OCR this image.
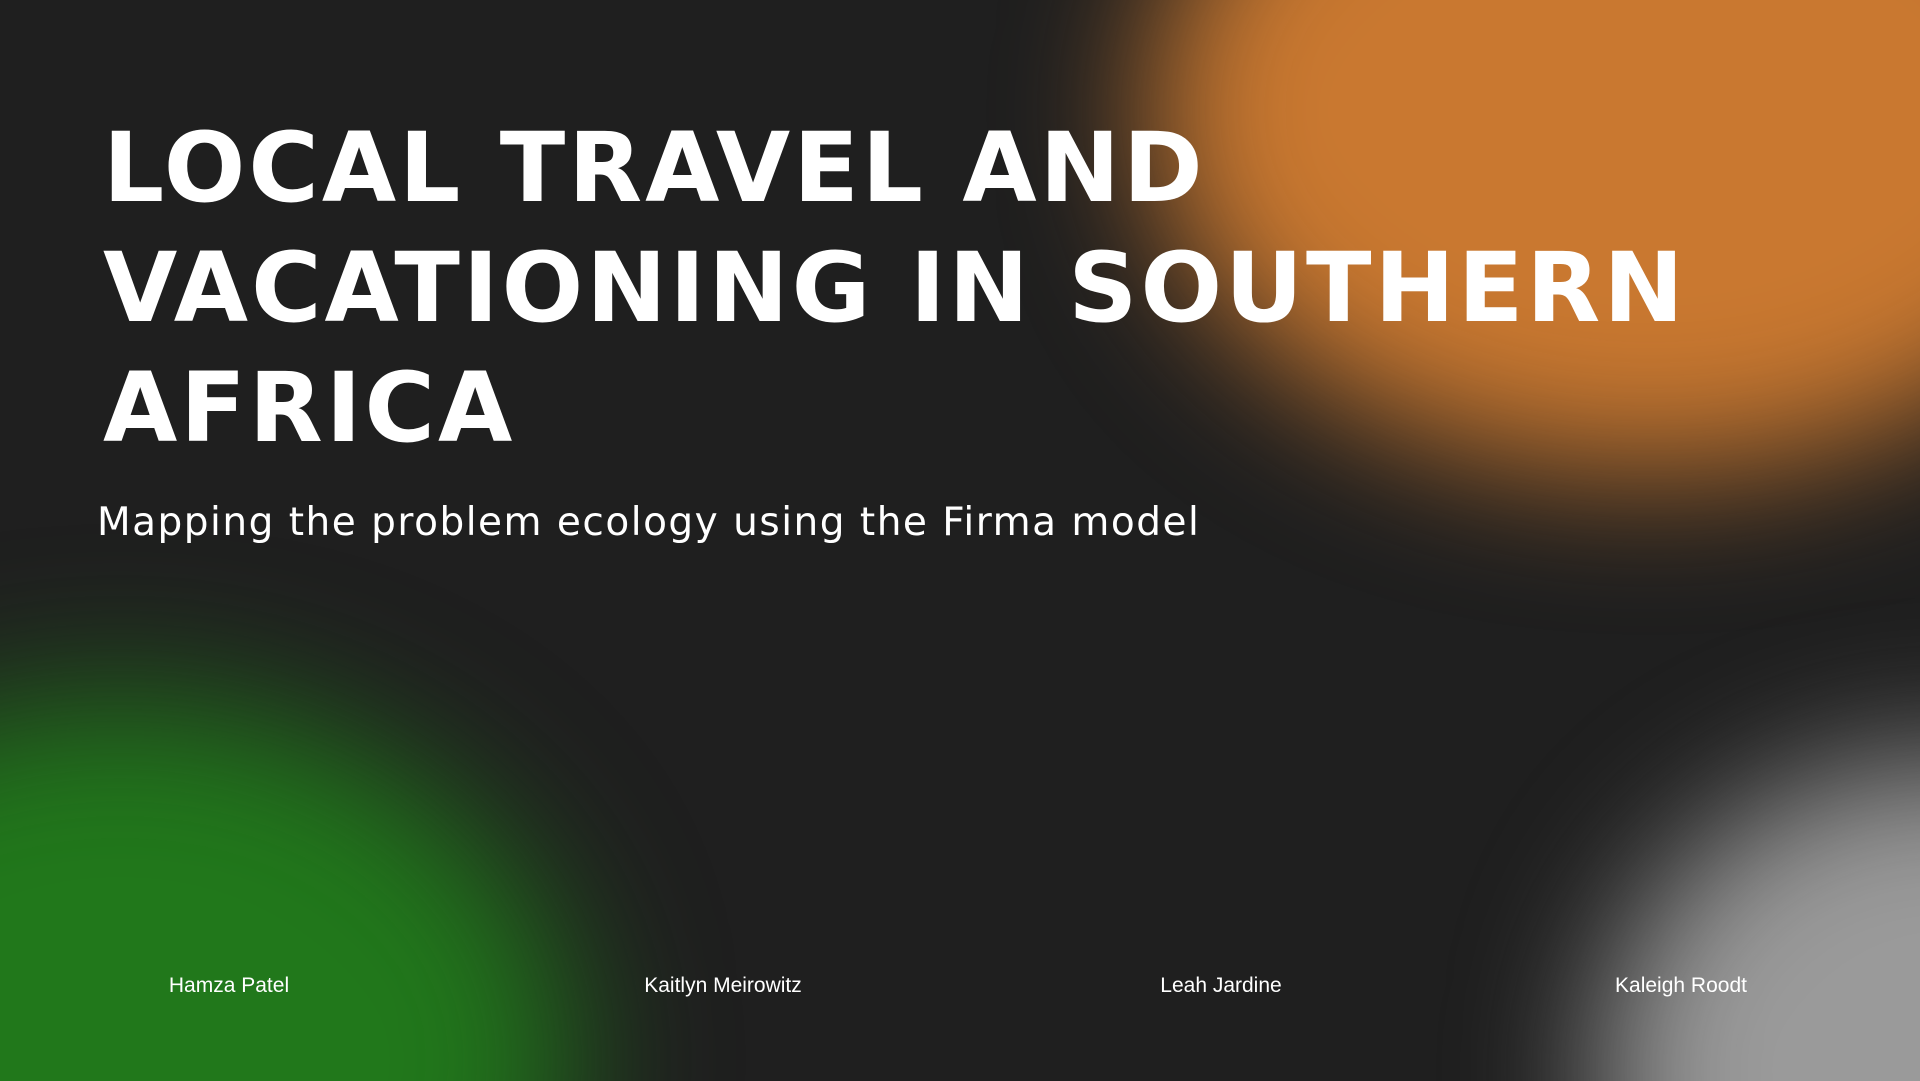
LOCAL TRAVEL AND
VACATIONING IN SOUTHERN
AFRICA

Mapping the problem ecology using the Firma model

Hamza Patel	Kaitlyn Meirowitz	Leah Jardine	Kaleigh Roodt
